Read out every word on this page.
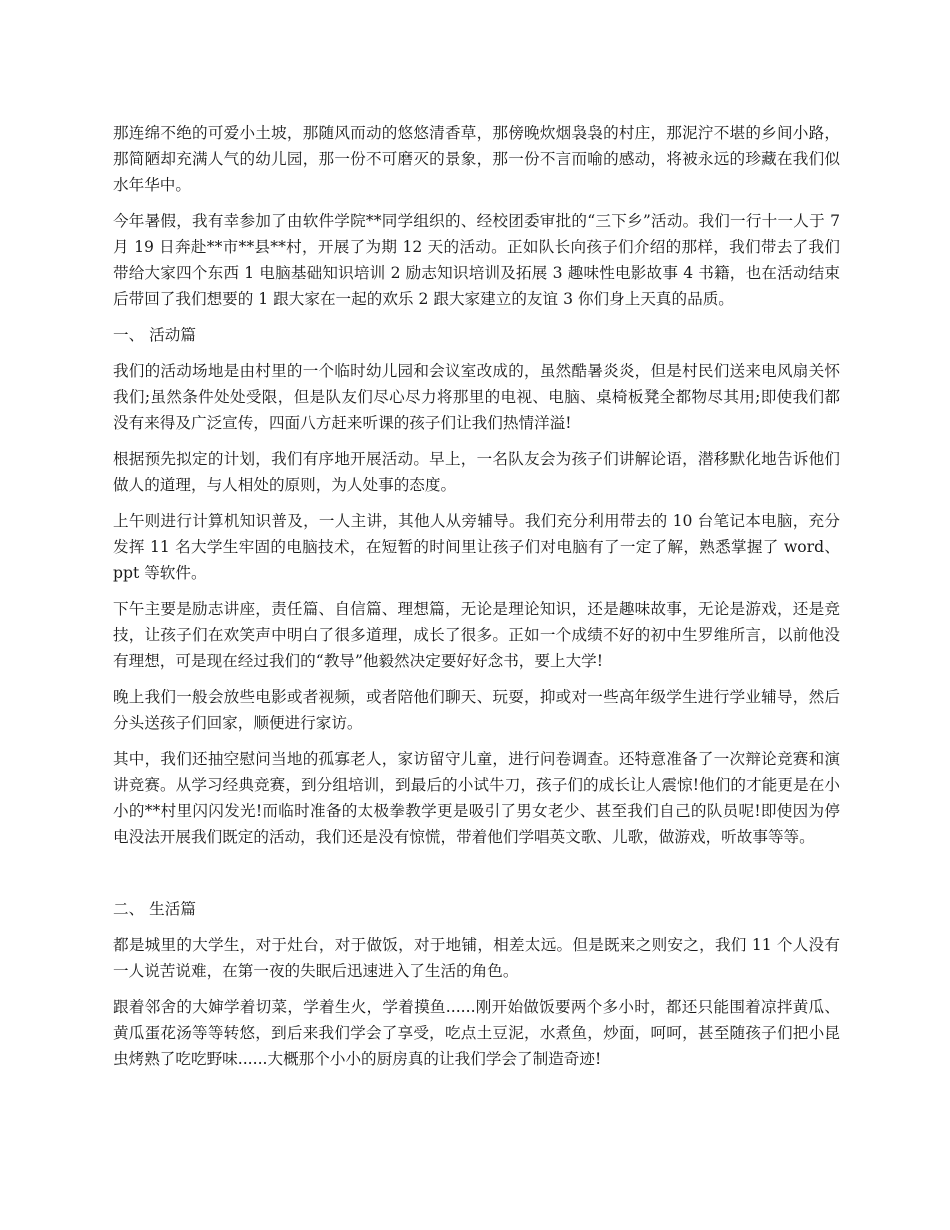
那连绵不绝的可爱小土坡，那随风而动的悠悠清香草，那傍晚炊烟袅袅的村庄，那泥泞不堪的乡间小路，那简陋却充满人气的幼儿园，那一份不可磨灭的景象，那一份不言而喻的感动，将被永远的珍藏在我们似水年华中。

今年暑假，我有幸参加了由软件学院**同学组织的、经校团委审批的“三下乡”活动。我们一行十一人于 7 月 19 日奔赴**市**县**村，开展了为期 12 天的活动。正如队长向孩子们介绍的那样，我们带去了我们带给大家四个东西 1 电脑基础知识培训 2 励志知识培训及拓展 3 趣味性电影故事 4 书籍，也在活动结束后带回了我们想要的 1 跟大家在一起的欢乐 2 跟大家建立的友谊 3 你们身上天真的品质。

一、 活动篇

我们的活动场地是由村里的一个临时幼儿园和会议室改成的，虽然酷暑炎炎，但是村民们送来电风扇关怀我们;虽然条件处处受限，但是队友们尽心尽力将那里的电视、电脑、桌椅板凳全都物尽其用;即使我们都没有来得及广泛宣传，四面八方赶来听课的孩子们让我们热情洋溢!

根据预先拟定的计划，我们有序地开展活动。早上，一名队友会为孩子们讲解论语，潜移默化地告诉他们做人的道理，与人相处的原则，为人处事的态度。

上午则进行计算机知识普及，一人主讲，其他人从旁辅导。我们充分利用带去的 10 台笔记本电脑，充分发挥 11 名大学生牢固的电脑技术，在短暂的时间里让孩子们对电脑有了一定了解，熟悉掌握了 word、ppt 等软件。

下午主要是励志讲座，责任篇、自信篇、理想篇，无论是理论知识，还是趣味故事，无论是游戏，还是竞技，让孩子们在欢笑声中明白了很多道理，成长了很多。正如一个成绩不好的初中生罗维所言，以前他没有理想，可是现在经过我们的“教导”他毅然决定要好好念书，要上大学!

晚上我们一般会放些电影或者视频，或者陪他们聊天、玩耍，抑或对一些高年级学生进行学业辅导，然后分头送孩子们回家，顺便进行家访。

其中，我们还抽空慰问当地的孤寡老人，家访留守儿童，进行问卷调查。还特意准备了一次辩论竞赛和演讲竞赛。从学习经典竞赛，到分组培训，到最后的小试牛刀，孩子们的成长让人震惊!他们的才能更是在小小的**村里闪闪发光!而临时准备的太极拳教学更是吸引了男女老少、甚至我们自己的队员呢!即使因为停电没法开展我们既定的活动，我们还是没有惊慌，带着他们学唱英文歌、儿歌，做游戏，听故事等等。

二、 生活篇

都是城里的大学生，对于灶台，对于做饭，对于地铺，相差太远。但是既来之则安之，我们 11 个人没有一人说苦说难，在第一夜的失眠后迅速进入了生活的角色。

跟着邻舍的大婶学着切菜，学着生火，学着摸鱼......刚开始做饭要两个多小时，都还只能围着凉拌黄瓜、黄瓜蛋花汤等等转悠，到后来我们学会了享受，吃点土豆泥，水煮鱼，炒面，呵呵，甚至随孩子们把小昆虫烤熟了吃吃野味......大概那个小小的厨房真的让我们学会了制造奇迹!
